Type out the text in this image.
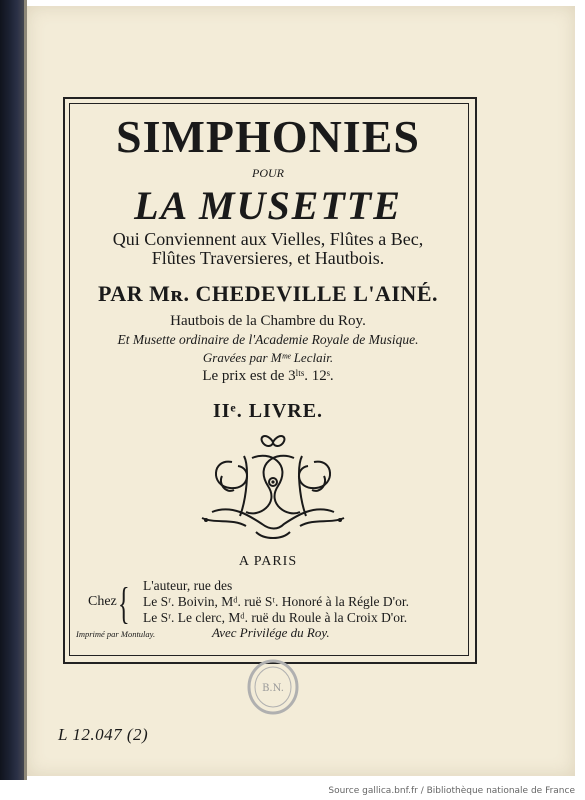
SIMPHONIES
POUR
LA MUSETTE
Qui Conviennent aux Vielles, Flûtes a Bec,
Flûtes Traversieres, et Hautbois.
PAR Mʀ. CHEDEVILLE L'AINÉ.
Hautbois de la Chambre du Roy.
Et Musette ordinaire de l'Academie Royale de Musique.
Gravées par Mᵐᵉ Leclair.
Le prix est de 3ˡᵗˢ. 12ˢ.
IIᵉ. LIVRE.
A PARIS
Chez { L'auteur, rue des
Le Sʳ. Boivin, Mᵈ. ruë Sᵗ. Honoré à la Régle D'or.
Le Sʳ. Le clerc, Mᵈ. ruë du Roule à la Croix D'or.
Imprimé par Montulay.	Avec Privilége du Roy.
B.N.
L 12.047 (2)
Source gallica.bnf.fr / Bibliothèque nationale de France
